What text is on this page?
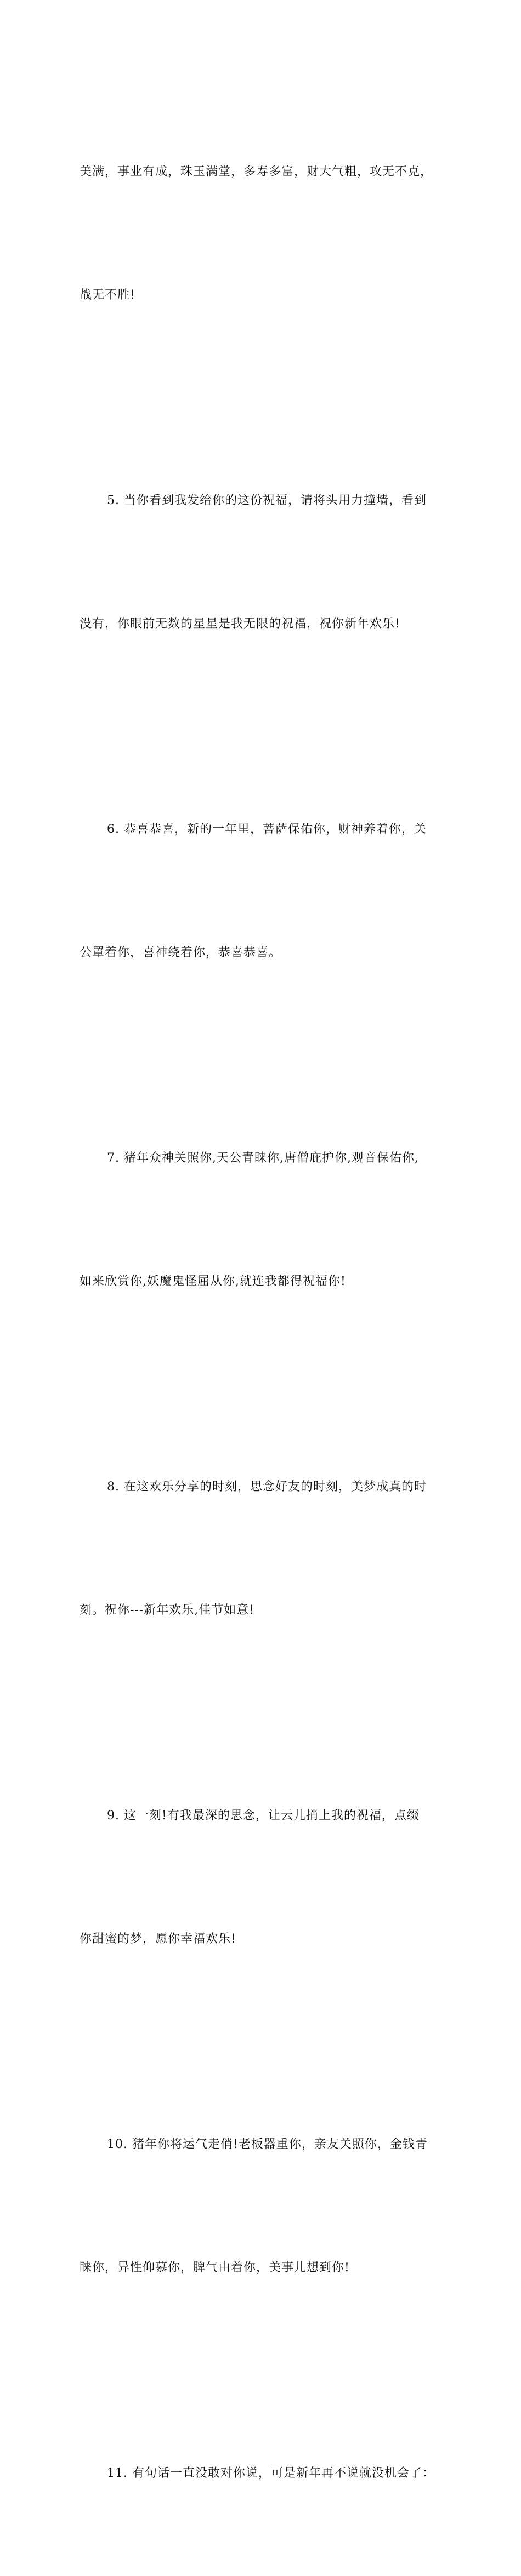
美满，事业有成，珠玉满堂，多寿多富，财大气粗，攻无不克，

战无不胜!

5. 当你看到我发给你的这份祝福，请将头用力撞墙，看到

没有，你眼前无数的星星是我无限的祝福，祝你新年欢乐!

6. 恭喜恭喜，新的一年里，菩萨保佑你，财神养着你，关

公罩着你，喜神绕着你，恭喜恭喜。

7. 猪年众神关照你,天公青睐你,唐僧庇护你,观音保佑你,

如来欣赏你,妖魔鬼怪屈从你,就连我都得祝福你!

8. 在这欢乐分享的时刻，思念好友的时刻，美梦成真的时

刻。祝你---新年欢乐,佳节如意!

9. 这一刻!有我最深的思念，让云儿捎上我的祝福，点缀

你甜蜜的梦，愿你幸福欢乐!

10. 猪年你将运气走俏!老板器重你，亲友关照你，金钱青

睐你，异性仰慕你，脾气由着你，美事儿想到你!

11. 有句话一直没敢对你说，可是新年再不说就没机会了：
